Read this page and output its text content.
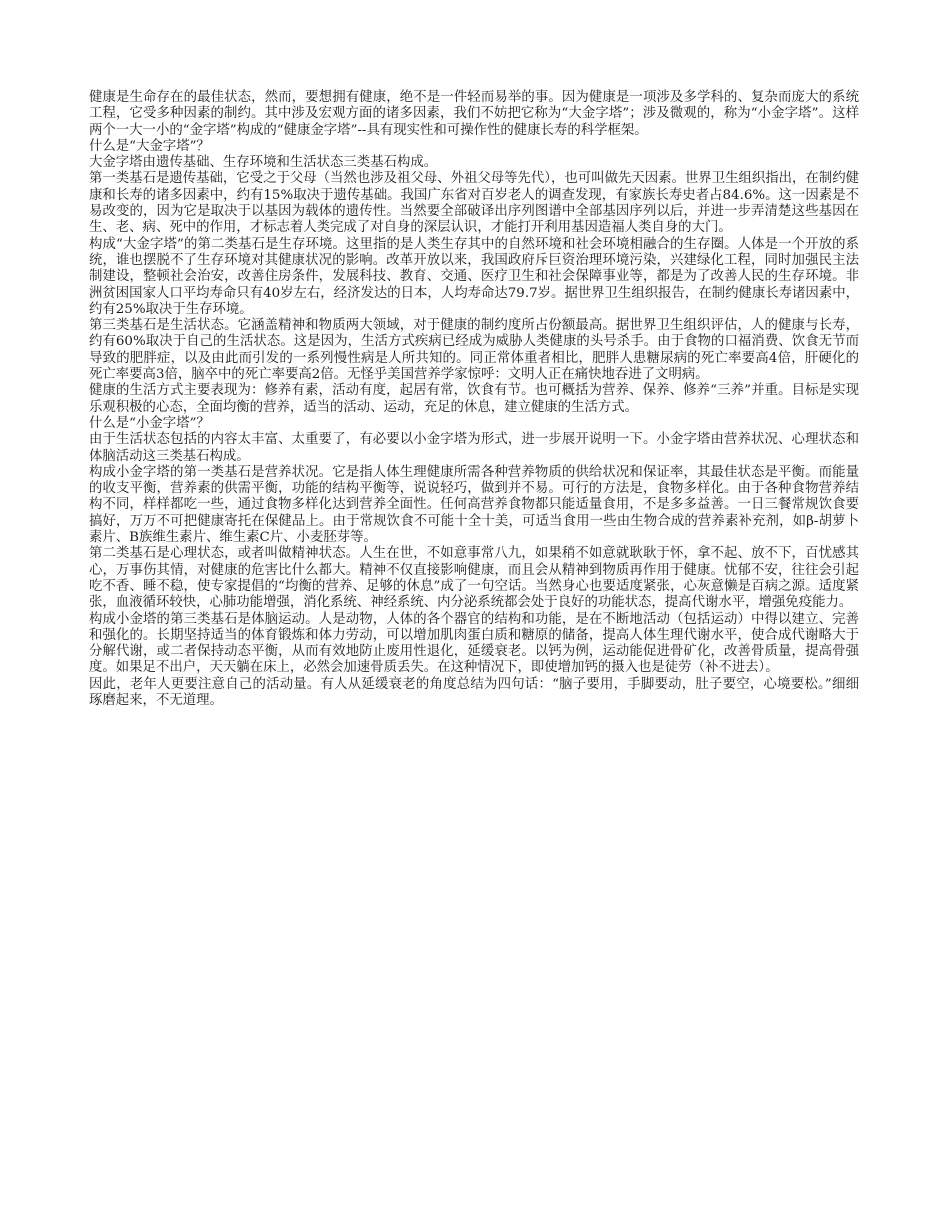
健康是生命存在的最佳状态，然而，要想拥有健康，绝不是一件轻而易举的事。因为健康是一项涉及多学科的、复杂而庞大的系统工程，它受多种因素的制约。其中涉及宏观方面的诸多因素，我们不妨把它称为“大金字塔”；涉及微观的，称为“小金字塔”。这样两个一大一小的“金字塔”构成的“健康金字塔”--具有现实性和可操作性的健康长寿的科学框架。

什么是“大金字塔”？

大金字塔由遗传基础、生存环境和生活状态三类基石构成。

第一类基石是遗传基础，它受之于父母（当然也涉及祖父母、外祖父母等先代），也可叫做先天因素。世界卫生组织指出，在制约健康和长寿的诸多因素中，约有15%取决于遗传基础。我国广东省对百岁老人的调查发现，有家族长寿史者占84.6%。这一因素是不易改变的，因为它是取决于以基因为载体的遗传性。当然要全部破译出序列图谱中全部基因序列以后，并进一步弄清楚这些基因在生、老、病、死中的作用，才标志着人类完成了对自身的深层认识，才能打开利用基因造福人类自身的大门。

构成“大金字塔”的第二类基石是生存环境。这里指的是人类生存其中的自然环境和社会环境相融合的生存圈。人体是一个开放的系统，谁也摆脱不了生存环境对其健康状况的影响。改革开放以来，我国政府斥巨资治理环境污染，兴建绿化工程，同时加强民主法制建设，整顿社会治安，改善住房条件，发展科技、教育、交通、医疗卫生和社会保障事业等，都是为了改善人民的生存环境。非洲贫困国家人口平均寿命只有40岁左右，经济发达的日本，人均寿命达79.7岁。据世界卫生组织报告，在制约健康长寿诸因素中，约有25%取决于生存环境。

第三类基石是生活状态。它涵盖精神和物质两大领域，对于健康的制约度所占份额最高。据世界卫生组织评估，人的健康与长寿，约有60%取决于自己的生活状态。这是因为，生活方式疾病已经成为威胁人类健康的头号杀手。由于食物的口福消费、饮食无节而导致的肥胖症，以及由此而引发的一系列慢性病是人所共知的。同正常体重者相比，肥胖人患糖尿病的死亡率要高4倍，肝硬化的死亡率要高3倍，脑卒中的死亡率要高2倍。无怪乎美国营养学家惊呼：文明人正在痛快地吞进了文明病。

健康的生活方式主要表现为：修养有素，活动有度，起居有常，饮食有节。也可概括为营养、保养、修养“三养”并重。目标是实现乐观积极的心态，全面均衡的营养，适当的活动、运动，充足的休息，建立健康的生活方式。

什么是“小金字塔”？

由于生活状态包括的内容太丰富、太重要了，有必要以小金字塔为形式，进一步展开说明一下。小金字塔由营养状况、心理状态和体脑活动这三类基石构成。

构成小金字塔的第一类基石是营养状况。它是指人体生理健康所需各种营养物质的供给状况和保证率，其最佳状态是平衡。而能量的收支平衡，营养素的供需平衡，功能的结构平衡等，说说轻巧，做到并不易。可行的方法是，食物多样化。由于各种食物营养结构不同，样样都吃一些，通过食物多样化达到营养全面性。任何高营养食物都只能适量食用，不是多多益善。一日三餐常规饮食要搞好，万万不可把健康寄托在保健品上。由于常规饮食不可能十全十美，可适当食用一些由生物合成的营养素补充剂，如β-胡萝卜素片、B族维生素片、维生素C片、小麦胚芽等。

第二类基石是心理状态，或者叫做精神状态。人生在世，不如意事常八九，如果稍不如意就耿耿于怀，拿不起、放不下，百忧感其心，万事伤其情，对健康的危害比什么都大。精神不仅直接影响健康，而且会从精神到物质再作用于健康。忧郁不安，往往会引起吃不香、睡不稳，使专家提倡的“均衡的营养、足够的休息”成了一句空话。当然身心也要适度紧张，心灰意懒是百病之源。适度紧张，血液循环较快，心肺功能增强，消化系统、神经系统、内分泌系统都会处于良好的功能状态，提高代谢水平，增强免疫能力。

构成小金塔的第三类基石是体脑运动。人是动物，人体的各个器官的结构和功能，是在不断地活动（包括运动）中得以建立、完善和强化的。长期坚持适当的体育锻炼和体力劳动，可以增加肌肉蛋白质和糖原的储备，提高人体生理代谢水平，使合成代谢略大于分解代谢，或二者保持动态平衡，从而有效地防止废用性退化，延缓衰老。以钙为例，运动能促进骨矿化，改善骨质量，提高骨强度。如果足不出户，天天躺在床上，必然会加速骨质丢失。在这种情况下，即使增加钙的摄入也是徒劳（补不进去）。

因此，老年人更要注意自己的活动量。有人从延缓衰老的角度总结为四句话：“脑子要用，手脚要动，肚子要空，心境要松。”细细琢磨起来，不无道理。
